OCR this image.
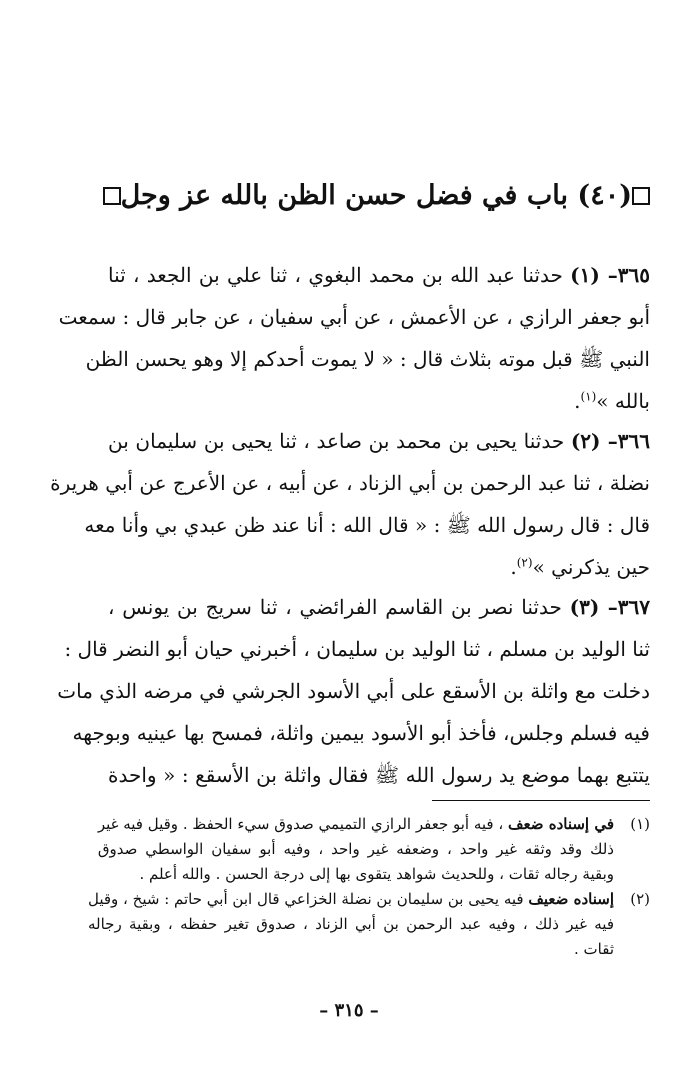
(٤٠) باب في فضل حسن الظن بالله عز وجل
٣٦٥– (١) حدثنا عبد الله بن محمد البغوي ، ثنا علي بن الجعد ، ثنا
أبو جعفر الرازي ، عن الأعمش ، عن أبي سفيان ، عن جابر قال : سمعت
النبي ﷺ قبل موته بثلاث قال : « لا يموت أحدكم إلا وهو يحسن الظن
بالله »$^{(١)}$.
٣٦٦– (٢) حدثنا يحيى بن محمد بن صاعد ، ثنا يحيى بن سليمان بن
نضلة ، ثنا عبد الرحمن بن أبي الزناد ، عن أبيه ، عن الأعرج عن أبي هريرة
قال : قال رسول الله ﷺ : « قال الله : أنا عند ظن عبدي بي وأنا معه
حين يذكرني »$^{(٢)}$.
٣٦٧– (٣) حدثنا نصر بن القاسم الفرائضي ، ثنا سريج بن يونس ،
ثنا الوليد بن مسلم ، ثنا الوليد بن سليمان ، أخبرني حيان أبو النضر قال :
دخلت مع واثلة بن الأسقع على أبي الأسود الجرشي في مرضه الذي مات
فيه فسلم وجلس، فأخذ أبو الأسود بيمين واثلة، فمسح بها عينيه وبوجهه
يتتبع بهما موضع يد رسول الله ﷺ فقال واثلة بن الأسقع : « واحدة
(١)
في إسناده ضعف ، فيه أبو جعفر الرازي التميمي صدوق سيء الحفظ . وقيل فيه غير
ذلك وقد وثقه غير واحد ، وضعفه غير واحد ، وفيه أبو سفيان الواسطي صدوق
وبقية رجاله ثقات ، وللحديث شواهد يتقوى بها إلى درجة الحسن . والله أعلم .
(٢)
إسناده ضعيف فيه يحيى بن سليمان بن نضلة الخزاعي قال ابن أبي حاتم : شيخ ، وقيل
فيه غير ذلك ، وفيه عبد الرحمن بن أبي الزناد ، صدوق تغير حفظه ، وبقية رجاله
ثقات .
– ٣١٥ –
